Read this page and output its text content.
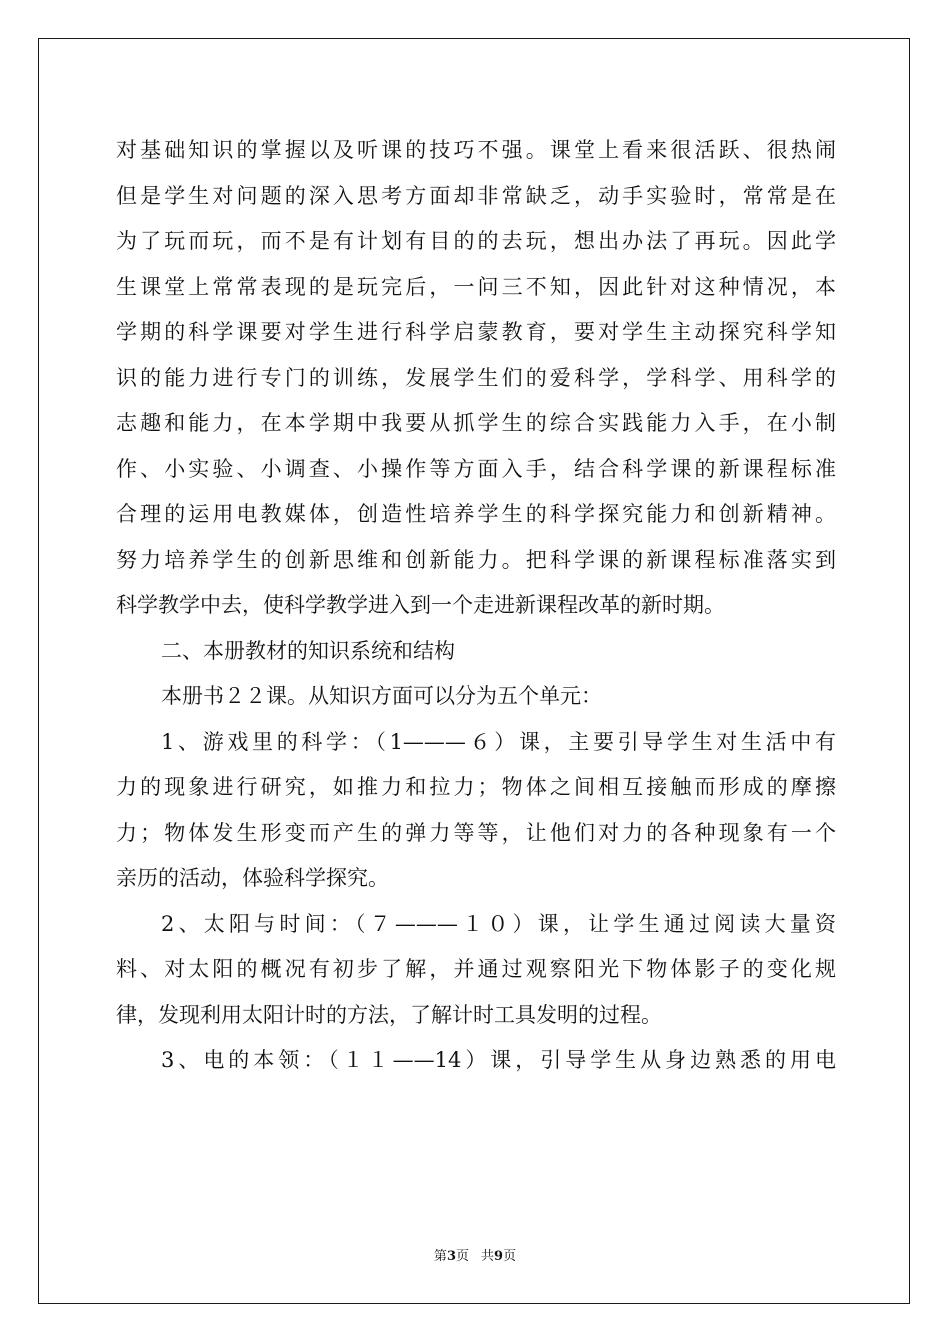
对基础知识的掌握以及听课的技巧不强。课堂上看来很活跃、很热闹
但是学生对问题的深入思考方面却非常缺乏，动手实验时，常常是在
为了玩而玩，而不是有计划有目的的去玩，想出办法了再玩。因此学
生课堂上常常表现的是玩完后，一问三不知，因此针对这种情况，本
学期的科学课要对学生进行科学启蒙教育，要对学生主动探究科学知
识的能力进行专门的训练，发展学生们的爱科学，学科学、用科学的
志趣和能力，在本学期中我要从抓学生的综合实践能力入手，在小制
作、小实验、小调查、小操作等方面入手，结合科学课的新课程标准
合理的运用电教媒体，创造性培养学生的科学探究能力和创新精神。
努力培养学生的创新思维和创新能力。把科学课的新课程标准落实到
科学教学中去，使科学教学进入到一个走进新课程改革的新时期。
二、本册教材的知识系统和结构
本册书２２课。从知识方面可以分为五个单元：
1、游戏里的科学：（1———６）课，主要引导学生对生活中有
力的现象进行研究，如推力和拉力；物体之间相互接触而形成的摩擦
力；物体发生形变而产生的弹力等等，让他们对力的各种现象有一个
亲历的活动，体验科学探究。
2、太阳与时间：（７———１０）课，让学生通过阅读大量资
料、对太阳的概况有初步了解，并通过观察阳光下物体影子的变化规
律，发现利用太阳计时的方法，了解计时工具发明的过程。
3、电的本领：（１１——14）课，引导学生从身边熟悉的用电
第3页 共9页
